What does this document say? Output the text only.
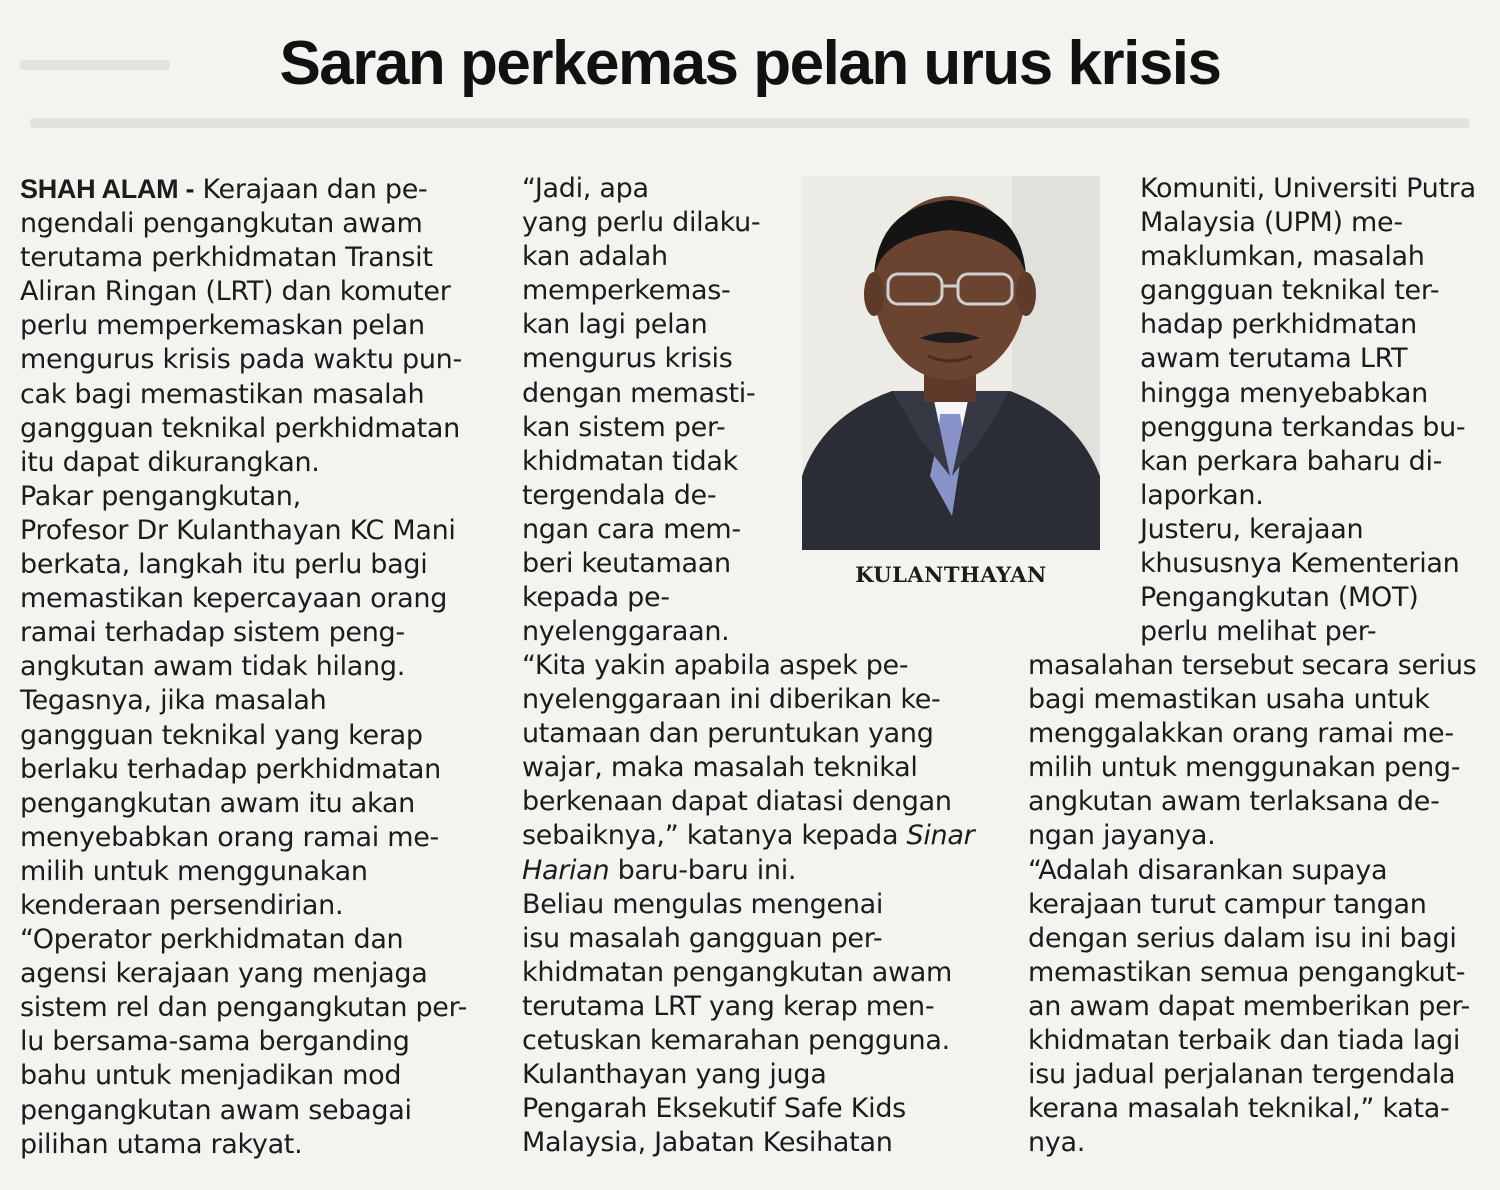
Saran perkemas pelan urus krisis

SHAH ALAM - Kerajaan dan pe-
ngendali pengangkutan awam
terutama perkhidmatan Transit
Aliran Ringan (LRT) dan komuter
perlu memperkemaskan pelan
mengurus krisis pada waktu pun-
cak bagi memastikan masalah
gangguan teknikal perkhidmatan
itu dapat dikurangkan.
Pakar pengangkutan,
Profesor Dr Kulanthayan KC Mani
berkata, langkah itu perlu bagi
memastikan kepercayaan orang
ramai terhadap sistem peng-
angkutan awam tidak hilang.
Tegasnya, jika masalah
gangguan teknikal yang kerap
berlaku terhadap perkhidmatan
pengangkutan awam itu akan
menyebabkan orang ramai me-
milih untuk menggunakan
kenderaan persendirian.
“Operator perkhidmatan dan
agensi kerajaan yang menjaga
sistem rel dan pengangkutan per-
lu bersama-sama berganding
bahu untuk menjadikan mod
pengangkutan awam sebagai
pilihan utama rakyat.

“Jadi, apa
yang perlu dilaku-
kan adalah
memperkemas-
kan lagi pelan
mengurus krisis
dengan memasti-
kan sistem per-
khidmatan tidak
tergendala de-
ngan cara mem-
beri keutamaan
kepada pe-
nyelenggaraan.

“Kita yakin apabila aspek pe-
nyelenggaraan ini diberikan ke-
utamaan dan peruntukan yang
wajar, maka masalah teknikal
berkenaan dapat diatasi dengan
sebaiknya,” katanya kepada Sinar
Harian baru-baru ini.
Beliau mengulas mengenai
isu masalah gangguan per-
khidmatan pengangkutan awam
terutama LRT yang kerap men-
cetuskan kemarahan pengguna.
Kulanthayan yang juga
Pengarah Eksekutif Safe Kids
Malaysia, Jabatan Kesihatan

Komuniti, Universiti Putra
Malaysia (UPM) me-
maklumkan, masalah
gangguan teknikal ter-
hadap perkhidmatan
awam terutama LRT
hingga menyebabkan
pengguna terkandas bu-
kan perkara baharu di-
laporkan.
Justeru, kerajaan
khususnya Kementerian
Pengangkutan (MOT)
perlu melihat per-

masalahan tersebut secara serius
bagi memastikan usaha untuk
menggalakkan orang ramai me-
milih untuk menggunakan peng-
angkutan awam terlaksana de-
ngan jayanya.
“Adalah disarankan supaya
kerajaan turut campur tangan
dengan serius dalam isu ini bagi
memastikan semua pengangkut-
an awam dapat memberikan per-
khidmatan terbaik dan tiada lagi
isu jadual perjalanan tergendala
kerana masalah teknikal,” kata-
nya.

KULANTHAYAN
